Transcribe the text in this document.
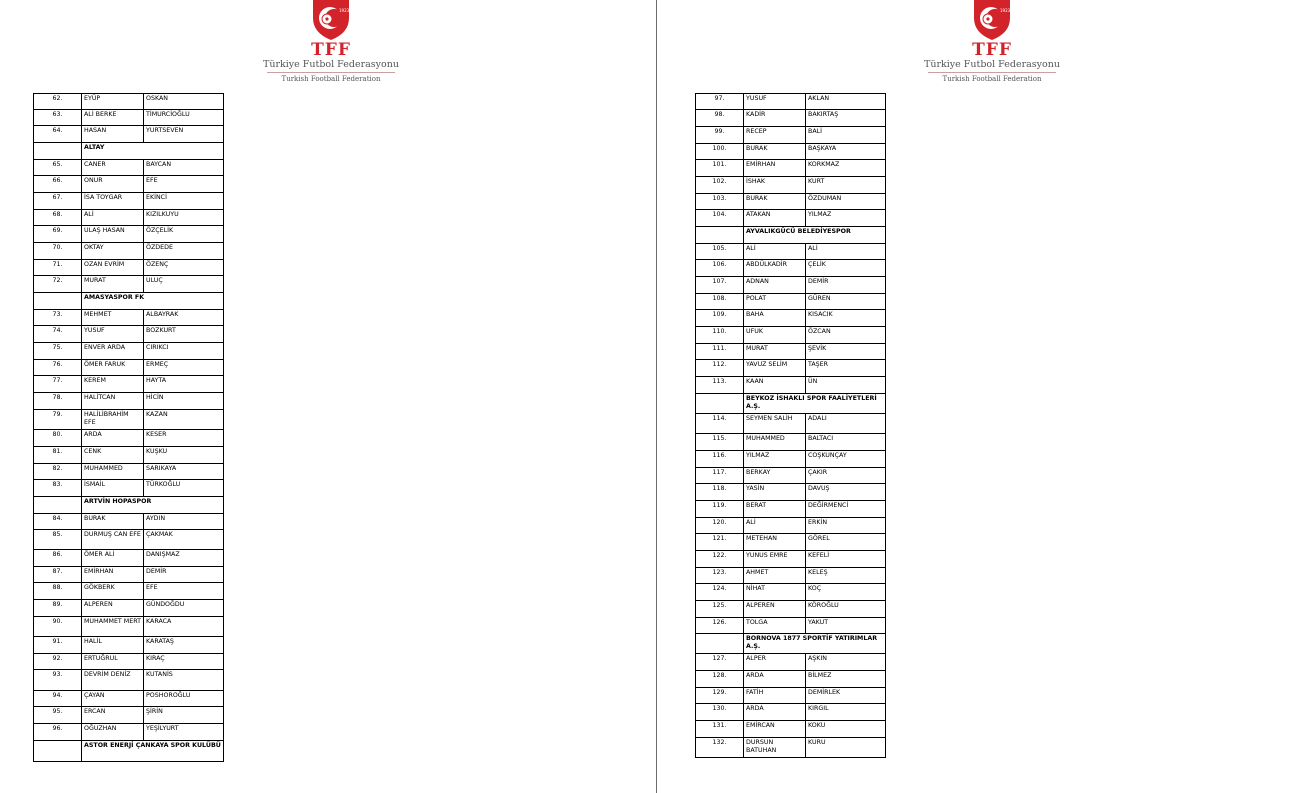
1923
TFF
Türkiye Futbol Federasyonu
Turkish Football Federation
62.	EYÜP	OSKAN
63.	ALİ BERKE	TİMURCİOĞLU
64.	HASAN	YURTSEVEN
	ALTAY	
65.	CANER	BAYCAN
66.	ONUR	EFE
67.	İSA TOYGAR	EKİNCİ
68.	ALİ	KIZILKUYU
69.	ULAŞ HASAN	ÖZÇELİK
70.	OKTAY	ÖZDEDE
71.	OZAN EVRİM	ÖZENÇ
72.	MURAT	ULUÇ
	AMASYASPOR FK	
73.	MEHMET	ALBAYRAK
74.	YUSUF	BOZKURT
75.	ENVER ARDA	CIRIKCI
76.	ÖMER FARUK	ERMEÇ
77.	KEREM	HAYTA
78.	HALİTCAN	HİCİN
79.	HALİLİBRAHİM EFE	KAZAN
80.	ARDA	KESER
81.	CENK	KUŞKU
82.	MUHAMMED	SARIKAYA
83.	İSMAİL	TÜRKOĞLU
	ARTVİN HOPASPOR	
84.	BURAK	AYDIN
85.	DURMUŞ CAN EFE	ÇAKMAK
86.	ÖMER ALİ	DANIŞMAZ
87.	EMİRHAN	DEMİR
88.	GÖKBERK	EFE
89.	ALPEREN	GÜNDOĞDU
90.	MUHAMMET MERT	KARACA
91.	HALİL	KARATAŞ
92.	ERTUĞRUL	KIRAÇ
93.	DEVRİM DENİZ	KUTANİS
94.	ÇAYAN	POSHOROĞLU
95.	ERCAN	ŞİRİN
96.	OĞUZHAN	YEŞİLYURT
	ASTOR ENERJİ ÇANKAYA SPOR KULÜBÜ	
1923
TFF
Türkiye Futbol Federasyonu
Turkish Football Federation
97.	YUSUF	AKLAN
98.	KADİR	BAKIRTAŞ
99.	RECEP	BALİ
100.	BURAK	BAŞKAYA
101.	EMİRHAN	KORKMAZ
102.	İSHAK	KURT
103.	BURAK	ÖZDUMAN
104.	ATAKAN	YILMAZ
	AYVALIKGÜCÜ BELEDİYESPOR	
105.	ALİ	ALİ
106.	ABDÜLKADİR	ÇELİK
107.	ADNAN	DEMİR
108.	POLAT	GÜREN
109.	BAHA	KISACIK
110.	UFUK	ÖZCAN
111.	MURAT	ŞEVİK
112.	YAVUZ SELİM	TAŞER
113.	KAAN	ÜN
	BEYKOZ İSHAKLI SPOR FAALİYETLERİ A.Ş.	
114.	SEYMEN SALİH	ADALI
115.	MUHAMMED	BALTACI
116.	YILMAZ	COŞKUNÇAY
117.	BERKAY	ÇAKIR
118.	YASİN	DAVUŞ
119.	BERAT	DEĞİRMENCİ
120.	ALİ	ERKİN
121.	METEHAN	GÖREL
122.	YUNUS EMRE	KEFELİ
123.	AHMET	KELEŞ
124.	NİHAT	KOÇ
125.	ALPEREN	KÖROĞLU
126.	TOLGA	YAKUT
	BORNOVA 1877 SPORTİF YATIRIMLAR A.Ş.	
127.	ALPER	AŞKIN
128.	ARDA	BİLMEZ
129.	FATİH	DEMİRLEK
130.	ARDA	KIRGIL
131.	EMİRCAN	KOKU
132.	DURSUN BATUHAN	KURU
